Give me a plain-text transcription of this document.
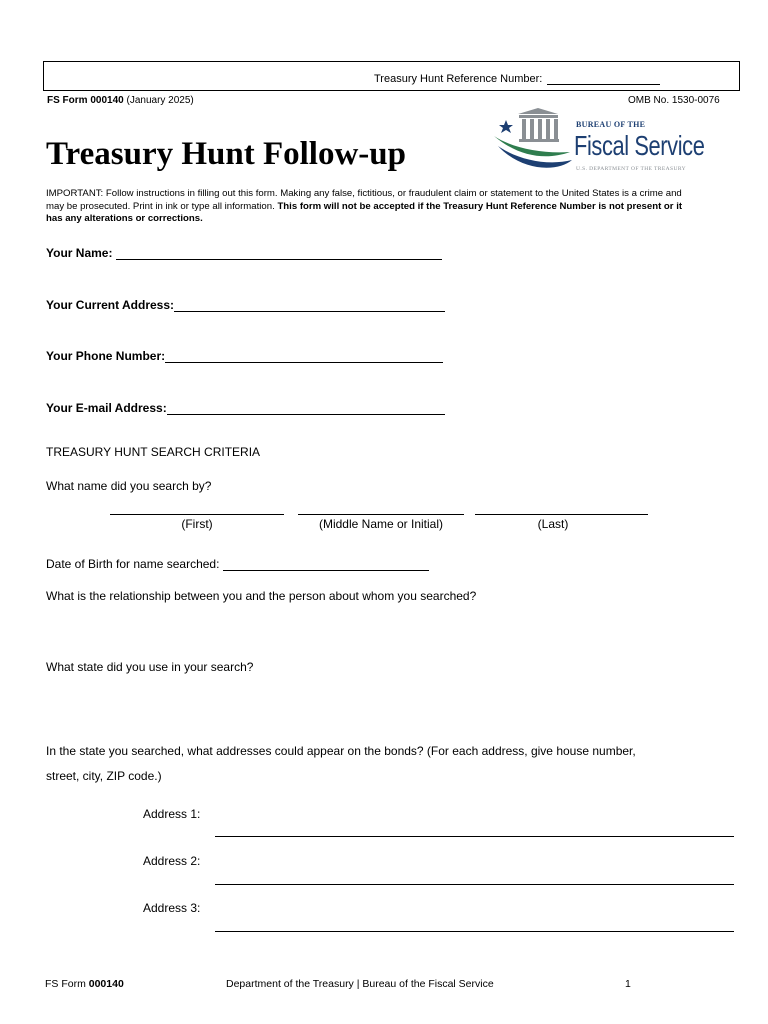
Treasury Hunt Reference Number:
FS Form 000140 (January 2025)	OMB No. 1530-0076
BUREAU OF THE
Fiscal Service
U.S. DEPARTMENT OF THE TREASURY
Treasury Hunt Follow-up
IMPORTANT: Follow instructions in filling out this form. Making any false, fictitious, or fraudulent claim or statement to the United States is a crime and may be prosecuted. Print in ink or type all information. This form will not be accepted if the Treasury Hunt Reference Number is not present or it has any alterations or corrections.
Your Name:
Your Current Address:
Your Phone Number:
Your E-mail Address:
TREASURY HUNT SEARCH CRITERIA
What name did you search by?
(First)	(Middle Name or Initial)	(Last)
Date of Birth for name searched:
What is the relationship between you and the person about whom you searched?
What state did you use in your search?
In the state you searched, what addresses could appear on the bonds? (For each address, give house number,
street, city, ZIP code.)
Address 1:
Address 2:
Address 3:
FS Form 000140	Department of the Treasury | Bureau of the Fiscal Service	1
